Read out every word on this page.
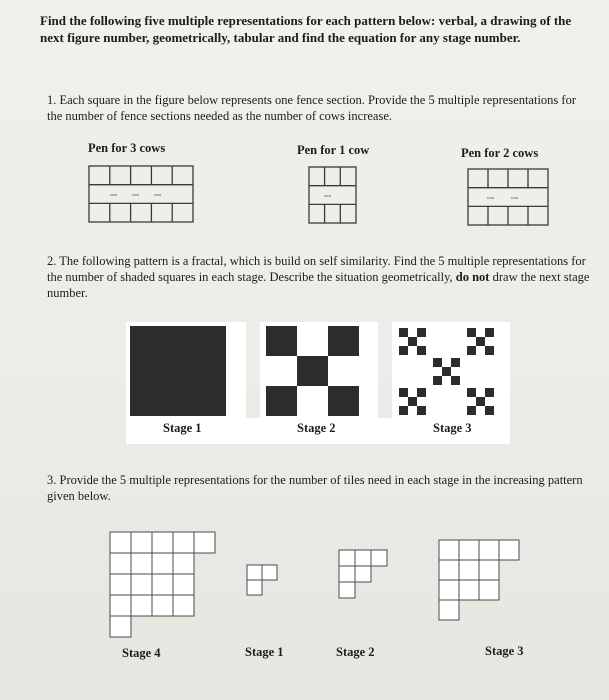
Find the following five multiple representations for each pattern below: verbal, a drawing of the next figure number, geometrically, tabular and find the equation for any stage number.
1. Each square in the figure below represents one fence section. Provide the 5 multiple representations for the number of fence sections needed as the number of cows increase.
Pen for 3 cows	Pen for 1 cow	Pen for 2 cows
cow	cow	cow	cow	cow	cow
2. The following pattern is a fractal, which is build on self similarity. Find the 5 multiple representations for the number of shaded squares in each stage. Describe the situation geometrically, do not draw the next stage number.
Stage 1	Stage 2	Stage 3
3. Provide the 5 multiple representations for the number of tiles need in each stage in the increasing pattern given below.
Stage 4	Stage 1	Stage 2	Stage 3
